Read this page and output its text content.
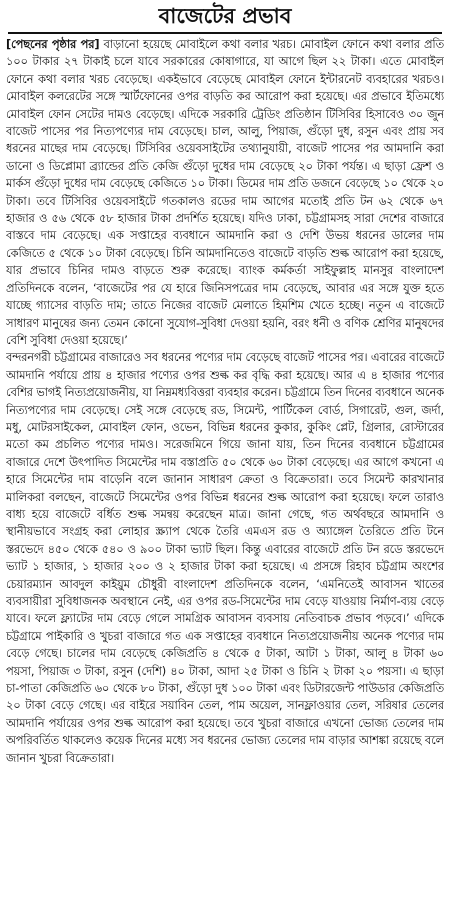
বাজেটের প্রভাব

[পেছনের পৃষ্ঠার পর] বাড়ানো হয়েছে মোবাইলে কথা বলার খরচ। মোবাইল ফোনে কথা বলার প্রতি ১০০ টাকার ২৭ টাকাই চলে যাবে সরকারের কোষাগারে, যা আগে ছিল ২২ টাকা। এতে মোবাইল ফোনে কথা বলার খরচ বেড়েছে। একইভাবে বেড়েছে মোবাইল ফোনে ইন্টারনেট ব্যবহারের খরচও। মোবাইল কলরেটের সঙ্গে স্মার্টফোনের ওপর বাড়তি কর আরোপ করা হয়েছে। এর প্রভাবে ইতিমধ্যে মোবাইল ফোন সেটের দামও বেড়েছে। এদিকে সরকারি ট্রেডিং প্রতিষ্ঠান টিসিবির হিসাবেও ৩০ জুন বাজেট পাসের পর নিত্যপণ্যের দাম বেড়েছে। চাল, আলু, পিয়াজ, গুঁড়ো দুধ, রসুন এবং প্রায় সব ধরনের মাছের দাম বেড়েছে। টিসিবির ওয়েবসাইটের তথ্যানুযায়ী, বাজেট পাসের পর আমদানি করা ডানো ও ডিপ্লোমা ব্র্যান্ডের প্রতি কেজি গুঁড়ো দুধের দাম বেড়েছে ২০ টাকা পর্যন্ত। এ ছাড়া ফ্রেশ ও মার্কস গুঁড়ো দুধের দাম বেড়েছে কেজিতে ১০ টাকা। ডিমের দাম প্রতি ডজনে বেড়েছে ১০ থেকে ২০ টাকা। তবে টিসিবির ওয়েবসাইটে গতকালও রডের দাম আগের মতোই প্রতি টন ৬২ থেকে ৬৭ হাজার ও ৫৬ থেকে ৫৮ হাজার টাকা প্রদর্শিত হয়েছে। যদিও ঢাকা, চট্টগ্রামসহ সারা দেশের বাজারে বাস্তবে দাম বেড়েছে। এক সপ্তাহের ব্যবধানে আমদানি করা ও দেশি উভয় ধরনের ডালের দাম কেজিতে ৫ থেকে ১০ টাকা বেড়েছে। চিনি আমদানিতেও বাজেটে বাড়তি শুল্ক আরোপ করা হয়েছে, যার প্রভাবে চিনির দামও বাড়তে শুরু করেছে। ব্যাংক কর্মকর্তা সাইফুল্লাহ মানসুর বাংলাদেশ প্রতিদিনকে বলেন, ‘বাজেটের পর যে হারে জিনিসপত্রের দাম বেড়েছে, আবার এর সঙ্গে যুক্ত হতে যাচ্ছে গ্যাসের বাড়তি দাম; তাতে নিজের বাজেট মেলাতে হিমশিম খেতে হচ্ছে। নতুন এ বাজেটে সাধারণ মানুষের জন্য তেমন কোনো সুযোগ-সুবিধা দেওয়া হয়নি, বরং ধনী ও বণিক শ্রেণির মানুষদের বেশি সুবিধা দেওয়া হয়েছে।’

বন্দরনগরী চট্টগ্রামের বাজারেও সব ধরনের পণ্যের দাম বেড়েছে বাজেট পাসের পর। এবারের বাজেটে আমদানি পর্যায়ে প্রায় ৪ হাজার পণ্যের ওপর শুল্ক কর বৃদ্ধি করা হয়েছে। আর এ ৪ হাজার পণ্যের বেশির ভাগই নিত্যপ্রয়োজনীয়, যা নিম্নমধ্যবিত্তরা ব্যবহার করেন। চট্টগ্রামে তিন দিনের ব্যবধানে অনেক নিত্যপণ্যের দাম বেড়েছে। সেই সঙ্গে বেড়েছে রড, সিমেন্ট, পার্টিকেল বোর্ড, সিগারেট, গুল, জর্দা, মধু, মোটরসাইকেল, মোবাইল ফোন, ওভেন, বিভিন্ন ধরনের কুকার, কুকিং প্লেট, গ্রিলার, রোস্টারের মতো কম প্রচলিত পণ্যের দামও। সরেজমিনে গিয়ে জানা যায়, তিন দিনের ব্যবধানে চট্টগ্রামের বাজারে দেশে উৎপাদিত সিমেন্টের দাম বস্তাপ্রতি ৫০ থেকে ৬০ টাকা বেড়েছে। এর আগে কখনো এ হারে সিমেন্টের দাম বাড়েনি বলে জানান সাধারণ ক্রেতা ও বিক্রেতারা। তবে সিমেন্ট কারখানার মালিকরা বলছেন, বাজেটে সিমেন্টের ওপর বিভিন্ন ধরনের শুল্ক আরোপ করা হয়েছে। ফলে তারাও বাধ্য হয়ে বাজেটে বর্ধিত শুল্ক সমন্বয় করেছেন মাত্র। জানা গেছে, গত অর্থবছরে আমদানি ও স্থানীয়ভাবে সংগ্রহ করা লোহার স্ক্র্যাপ থেকে তৈরি এমএস রড ও অ্যাঙ্গেল তৈরিতে প্রতি টনে স্তরভেদে ৪৫০ থেকে ৫৪০ ও ৯০০ টাকা ভ্যাট ছিল। কিন্তু এবারের বাজেটে প্রতি টন রডে স্তরভেদে ভ্যাট ১ হাজার, ১ হাজার ২০০ ও ২ হাজার টাকা করা হয়েছে। এ প্রসঙ্গে রিহাব চট্টগ্রাম অংশের চেয়ারম্যান আবদুল কাইয়ুম চৌধুরী বাংলাদেশ প্রতিদিনকে বলেন, ‘এমনিতেই আবাসন খাতের ব্যবসায়ীরা সুবিধাজনক অবস্থানে নেই, এর ওপর রড-সিমেন্টের দাম বেড়ে যাওয়ায় নির্মাণ-ব্যয় বেড়ে যাবে। ফলে ফ্ল্যাটের দাম বেড়ে গেলে সামগ্রিক আবাসন ব্যবসায় নেতিবাচক প্রভাব পড়বে।’ এদিকে চট্টগ্রামে পাইকারি ও খুচরা বাজারে গত এক সপ্তাহের ব্যবধানে নিত্যপ্রয়োজনীয় অনেক পণ্যের দাম বেড়ে গেছে। চালের দাম বেড়েছে কেজিপ্রতি ৪ থেকে ৫ টাকা, আটা ১ টাকা, আলু ৪ টাকা ৬০ পয়সা, পিয়াজ ৩ টাকা, রসুন (দেশি) ৪০ টাকা, আদা ২৫ টাকা ও চিনি ২ টাকা ২০ পয়সা। এ ছাড়া চা-পাতা কেজিপ্রতি ৬০ থেকে ৮০ টাকা, গুঁড়ো দুধ ১০০ টাকা এবং ডিটারজেন্ট পাউডার কেজিপ্রতি ২০ টাকা বেড়ে গেছে। এর বাইরে সয়াবিন তেল, পাম অয়েল, সানফ্লাওয়ার তেল, সরিষার তেলের আমদানি পর্যায়ের ওপর শুল্ক আরোপ করা হয়েছে। তবে খুচরা বাজারে এখনো ভোজ্য তেলের দাম অপরিবর্তিত থাকলেও কয়েক দিনের মধ্যে সব ধরনের ভোজ্য তেলের দাম বাড়ার আশঙ্কা রয়েছে বলে জানান খুচরা বিক্রেতারা।
